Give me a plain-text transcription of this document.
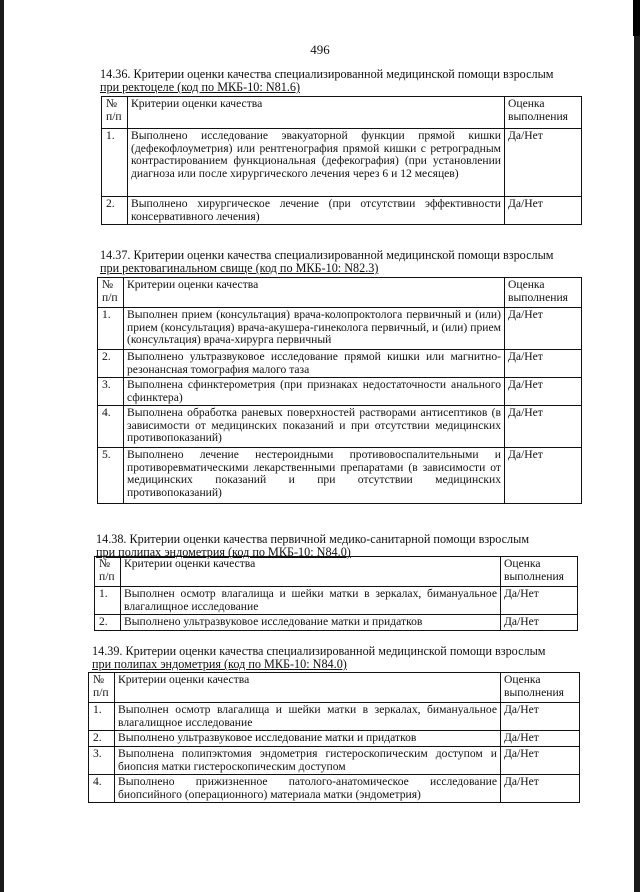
496
14.36. Критерии оценки качества специализированной медицинской помощи взрослым
при ректоцеле (код по МКБ-10: N81.6)
№ п/п	Критерии оценки качества	Оценка выполнения
1.	Выполнено исследование эвакуаторной функции прямой кишки (дефекофлоуметрия) или рентгенография прямой кишки с ретроградным контрастированием функциональная (дефекография) (при установлении диагноза или после хирургического лечения через 6 и 12 месяцев)	Да/Нет
2.	Выполнено хирургическое лечение (при отсутствии эффективности консервативного лечения)	Да/Нет
14.37. Критерии оценки качества специализированной медицинской помощи взрослым
при ректовагинальном свище (код по МКБ-10: N82.3)
№ п/п	Критерии оценки качества	Оценка выполнения
1.	Выполнен прием (консультация) врача-колопроктолога первичный и (или) прием (консультация) врача-акушера-гинеколога первичный, и (или) прием (консультация) врача-хирурга первичный	Да/Нет
2.	Выполнено ультразвуковое исследование прямой кишки или магнитно-резонансная томография малого таза	Да/Нет
3.	Выполнена сфинктерометрия (при признаках недостаточности анального сфинктера)	Да/Нет
4.	Выполнена обработка раневых поверхностей растворами антисептиков (в зависимости от медицинских показаний и при отсутствии медицинских противопоказаний)	Да/Нет
5.	Выполнено лечение нестероидными противовоспалительными и противоревматическими лекарственными препаратами (в зависимости от медицинских показаний и при отсутствии медицинских противопоказаний)	Да/Нет
14.38. Критерии оценки качества первичной медико-санитарной помощи взрослым
при полипах эндометрия (код по МКБ-10: N84.0)
№ п/п	Критерии оценки качества	Оценка выполнения
1.	Выполнен осмотр влагалища и шейки матки в зеркалах, бимануальное влагалищное исследование	Да/Нет
2.	Выполнено ультразвуковое исследование матки и придатков	Да/Нет
14.39. Критерии оценки качества специализированной медицинской помощи взрослым
при полипах эндометрия (код по МКБ-10: N84.0)
№ п/п	Критерии оценки качества	Оценка выполнения
1.	Выполнен осмотр влагалища и шейки матки в зеркалах, бимануальное влагалищное исследование	Да/Нет
2.	Выполнено ультразвуковое исследование матки и придатков	Да/Нет
3.	Выполнена полипэктомия эндометрия гистероскопическим доступом и биопсия матки гистероскопическим доступом	Да/Нет
4.	Выполнено прижизненное патолого-анатомическое исследование биопсийного (операционного) материала матки (эндометрия)	Да/Нет
